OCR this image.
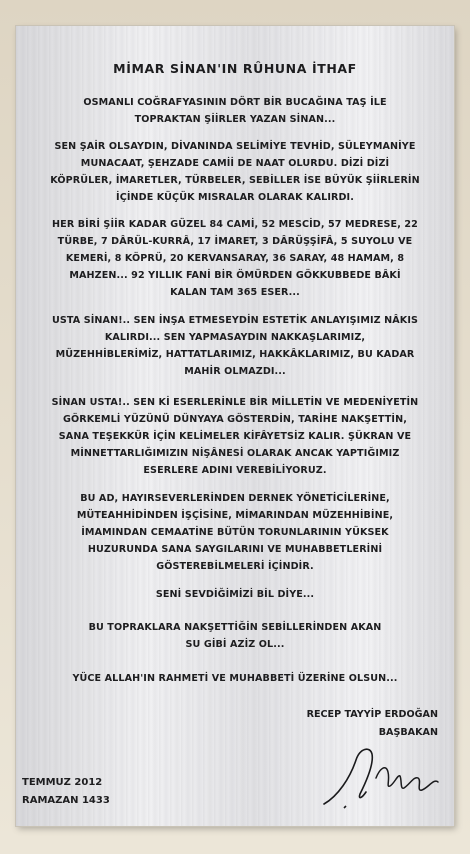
MİMAR SİNAN'IN RÛHUNA İTHAF
OSMANLI COĞRAFYASININ DÖRT BİR BUCAĞINA TAŞ İLE
TOPRAKTAN ŞİİRLER YAZAN SİNAN...
SEN ŞAİR OLSAYDIN, DİVANINDA SELİMİYE TEVHİD, SÜLEYMANİYE
MUNACAAT, ŞEHZADE CAMİİ DE NAAT OLURDU. DİZİ DİZİ
KÖPRÜLER, İMARETLER, TÜRBELER, SEBİLLER İSE BÜYÜK ŞİİRLERİN
İÇİNDE KÜÇÜK MISRALAR OLARAK KALIRDI.
HER BİRİ ŞİİR KADAR GÜZEL 84 CAMİ, 52 MESCİD, 57 MEDRESE, 22
TÜRBE, 7 DÂRÜL-KURRÂ, 17 İMARET, 3 DÂRÜŞŞİFÂ, 5 SUYOLU VE
KEMERİ, 8 KÖPRÜ, 20 KERVANSARAY, 36 SARAY, 48 HAMAM, 8
MAHZEN... 92 YILLIK FANİ BİR ÖMÜRDEN GÖKKUBBEDE BÂKİ
KALAN TAM 365 ESER...
USTA SİNAN!.. SEN İNŞA ETMESEYDİN ESTETİK ANLAYIŞIMIZ NÂKIS
KALIRDI... SEN YAPMASAYDIN NAKKAŞLARIMIZ,
MÜZEHHİBLERİMİZ, HATTATLARIMIZ, HAKKÂKLARIMIZ, BU KADAR
MAHİR OLMAZDI...
SİNAN USTA!.. SEN Kİ ESERLERİNLE BİR MİLLETİN VE MEDENİYETİN
GÖRKEMLİ YÜZÜNÜ DÜNYAYA GÖSTERDİN, TARİHE NAKŞETTİN,
SANA TEŞEKKÜR İÇİN KELİMELER KİFÂYETSİZ KALIR. ŞÜKRAN VE
MİNNETTARLIĞIMIZIN NİŞÂNESİ OLARAK ANCAK YAPTIĞIMIZ
ESERLERE ADINI VEREBİLİYORUZ.
BU AD, HAYIRSEVERLERİNDEN DERNEK YÖNETİCİLERİNE,
MÜTEAHHİDİNDEN İŞÇİSİNE, MİMARINDAN MÜZEHHİBİNE,
İMAMINDAN CEMAATİNE BÜTÜN TORUNLARININ YÜKSEK
HUZURUNDA SANA SAYGILARINI VE MUHABBETLERİNİ
GÖSTEREBİLMELERİ İÇİNDİR.
SENİ SEVDİĞİMİZİ BİL DİYE...
BU TOPRAKLARA NAKŞETTİĞİN SEBİLLERİNDEN AKAN
SU GİBİ AZİZ OL...
YÜCE ALLAH'IN RAHMETİ VE MUHABBETİ ÜZERİNE OLSUN...
RECEP TAYYİP ERDOĞAN
BAŞBAKAN
TEMMUZ 2012
RAMAZAN 1433
